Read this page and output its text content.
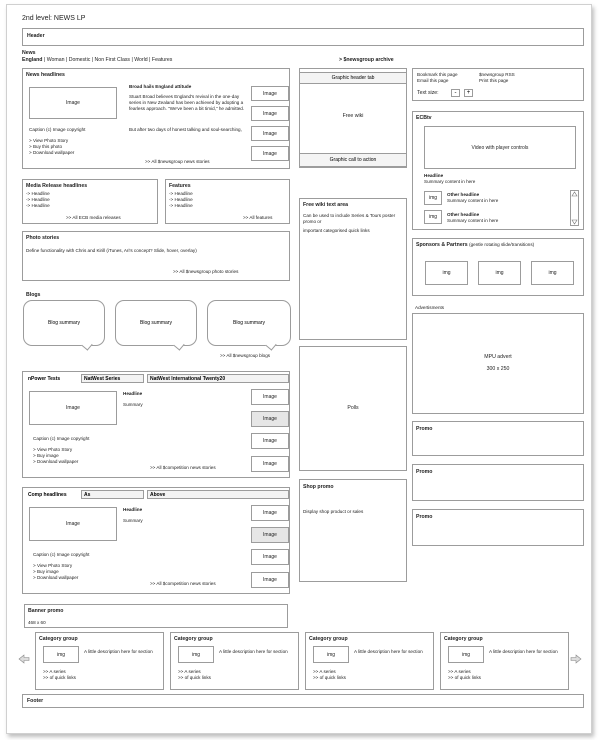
2nd level: NEWS LP
Header
News
England | Woman | Domestic | Non First Class | World | Features	> $newsgroup archive
News headlines
Image
Caption (c) Image copyright
> View Photo Story
> Buy this photo
> Download wallpaper
Broad hails England attitude
Stuart Broad believes England's revival in the one-day series in New Zealand has been achieved by adopting a fearless approach. "We've been a bit timid," he admitted.
But after two days of honest talking and soul-searching,
Image
Image
Image
Image
>> All $newsgroup news stories
Media Release headlines
-> Headline
-> Headline
-> Headline
>> All ECB media releases
Features
-> Headline
-> Headline
-> Headline
>> All features
Photo stories
Define functionality with Chris and Kirill (iTunes, Ari's concept? Slide, hover, overlay)
>> All $newsgroup photo stories
Blogs
Blog summary	Blog summary	Blog summary
>> All $newsgroup blogs
nPower Tests	NatWest Series	NatWest International Twenty20
Image
Headline
Summary
Caption (c) Image copyright
> View Photo Story
> Buy image
> Download wallpaper
Image
Image
Image
Image
>> All $competition news stories
Comp headlines	As	Above
Image
Headline
Summary
Caption (c) Image copyright
> View Photo Story
> Buy image
> Download wallpaper
Image
Image
Image
Image
>> All $competition news stories
Graphic header tab
Free wiki
Graphic call to action
Free wiki text area
Can be used to include Series & Tours poster promo or
important categorised quick links
Polls
Shop promo
Display shop product or sales
Bookmark this page	$newsgroup RSS
Email this page	Print this page
Text size:	-	+
ECBtv
Video with player controls
Headline
Summary content in here
img
Other headline
Summary content in here
img	Other headline
Summary content in here
Sponsors & Partners (gentle rotating slide/transitions)
img	img	img
Advertisments
MPU advert
300 x 250
Promo
Promo
Promo
Banner promo
468 x 60
Category group
img	A little description here for section
>> A series
>> of quick links
Category group
img	A little description here for section
>> A series
>> of quick links
Category group
img	A little description here for section
>> A series
>> of quick links
Category group
img	A little description here for section
>> A series
>> of quick links
Footer
